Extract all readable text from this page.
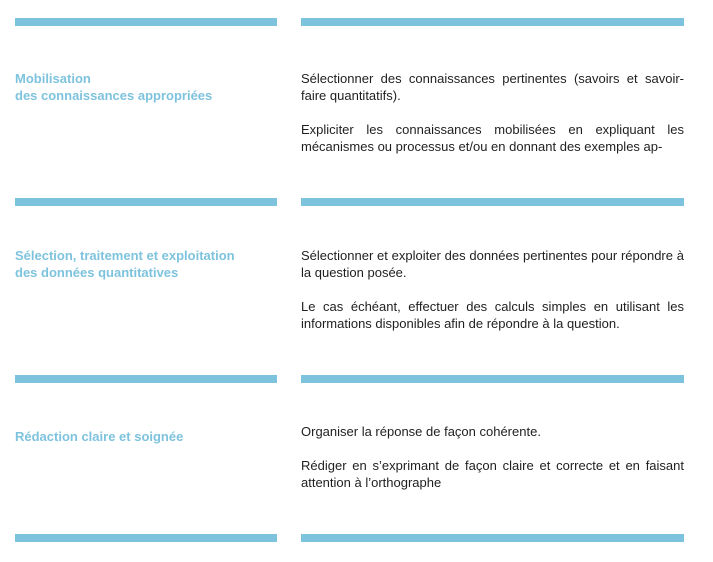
Mobilisation
des connaissances appropriées

Sélectionner des connaissances pertinentes (savoirs et savoir-faire quantitatifs).

Expliciter les connaissances mobilisées en expliquant les mécanismes ou processus et/ou en donnant des exemples ap-

Sélection, traitement et exploitation
des données quantitatives

Sélectionner et exploiter des données pertinentes pour répondre à la question posée.

Le cas échéant, effectuer des calculs simples en utilisant les informations disponibles afin de répondre à la question.

Rédaction claire et soignée	Organiser la réponse de façon cohérente.

Rédiger en s’exprimant de façon claire et correcte et en faisant attention à l’orthographe
